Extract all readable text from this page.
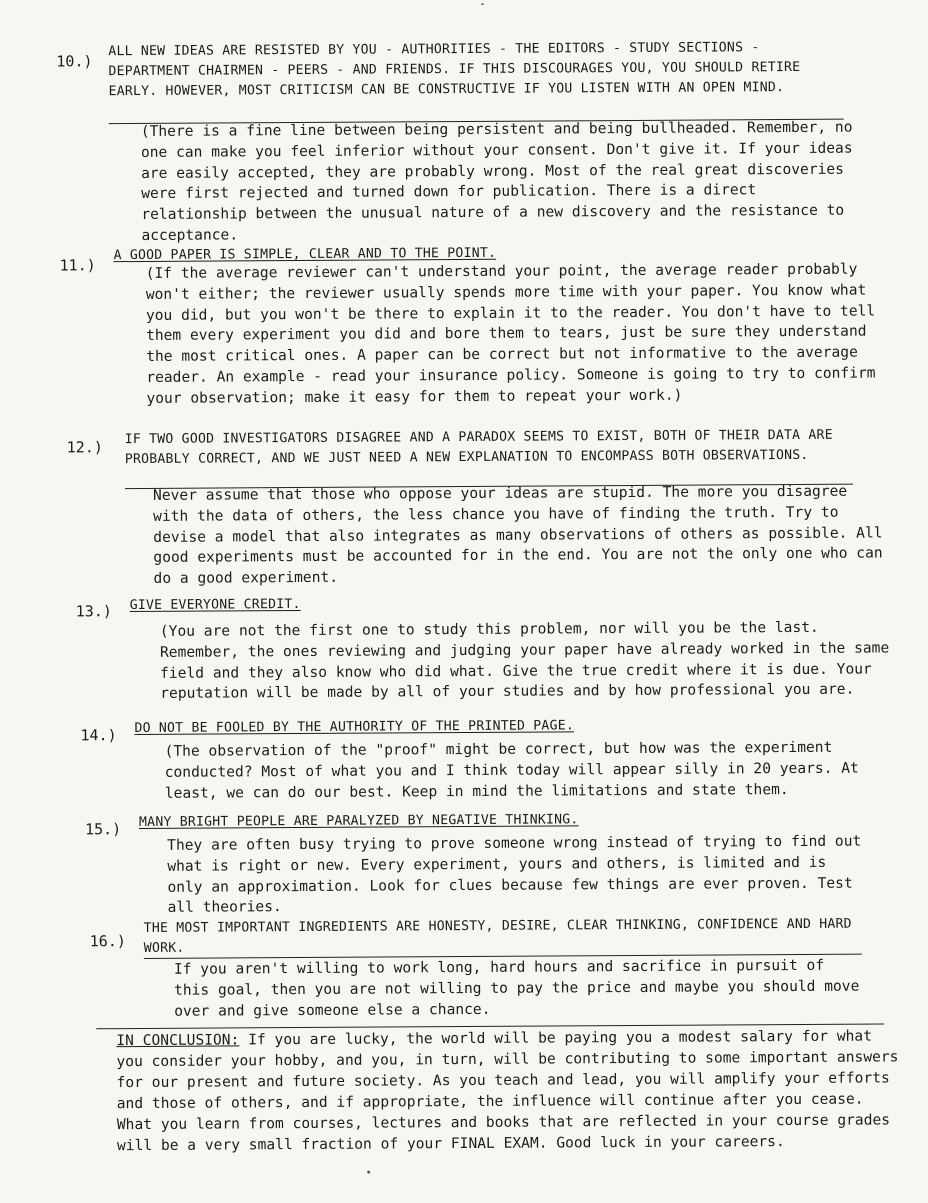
⁃
10.)
ALL NEW IDEAS ARE RESISTED BY YOU - AUTHORITIES - THE EDITORS - STUDY SECTIONS - DEPARTMENT CHAIRMEN - PEERS - AND FRIENDS. IF THIS DISCOURAGES YOU, YOU SHOULD RETIRE EARLY. HOWEVER, MOST CRITICISM CAN BE CONSTRUCTIVE IF YOU LISTEN WITH AN OPEN MIND.
(There is a fine line between being persistent and being bullheaded. Remember, no one can make you feel inferior without your consent. Don't give it. If your ideas are easily accepted, they are probably wrong. Most of the real great discoveries were first rejected and turned down for publication. There is a direct relationship between the unusual nature of a new discovery and the resistance to acceptance.
11.)
A GOOD PAPER IS SIMPLE, CLEAR AND TO THE POINT.
(If the average reviewer can't understand your point, the average reader probably won't either; the reviewer usually spends more time with your paper. You know what you did, but you won't be there to explain it to the reader. You don't have to tell them every experiment you did and bore them to tears, just be sure they understand the most critical ones. A paper can be correct but not informative to the average reader. An example - read your insurance policy. Someone is going to try to confirm your observation; make it easy for them to repeat your work.)
12.)
IF TWO GOOD INVESTIGATORS DISAGREE AND A PARADOX SEEMS TO EXIST, BOTH OF THEIR DATA ARE PROBABLY CORRECT, AND WE JUST NEED A NEW EXPLANATION TO ENCOMPASS BOTH OBSERVATIONS.
Never assume that those who oppose your ideas are stupid. The more you disagree with the data of others, the less chance you have of finding the truth. Try to devise a model that also integrates as many observations of others as possible. All good experiments must be accounted for in the end. You are not the only one who can do a good experiment.
13.) GIVE EVERYONE CREDIT.
(You are not the first one to study this problem, nor will you be the last. Remember, the ones reviewing and judging your paper have already worked in the same field and they also know who did what. Give the true credit where it is due. Your reputation will be made by all of your studies and by how professional you are.
14.) DO NOT BE FOOLED BY THE AUTHORITY OF THE PRINTED PAGE.
(The observation of the "proof" might be correct, but how was the experiment conducted? Most of what you and I think today will appear silly in 20 years. At least, we can do our best. Keep in mind the limitations and state them.
15.) MANY BRIGHT PEOPLE ARE PARALYZED BY NEGATIVE THINKING.
They are often busy trying to prove someone wrong instead of trying to find out what is right or new. Every experiment, yours and others, is limited and is only an approximation. Look for clues because few things are ever proven. Test all theories.
16.)
THE MOST IMPORTANT INGREDIENTS ARE HONESTY, DESIRE, CLEAR THINKING, CONFIDENCE AND HARD WORK.
If you aren't willing to work long, hard hours and sacrifice in pursuit of this goal, then you are not willing to pay the price and maybe you should move over and give someone else a chance.
IN CONCLUSION: If you are lucky, the world will be paying you a modest salary for what you consider your hobby, and you, in turn, will be contributing to some important answers for our present and future society. As you teach and lead, you will amplify your efforts and those of others, and if appropriate, the influence will continue after you cease. What you learn from courses, lectures and books that are reflected in your course grades will be a very small fraction of your FINAL EXAM. Good luck in your careers.
